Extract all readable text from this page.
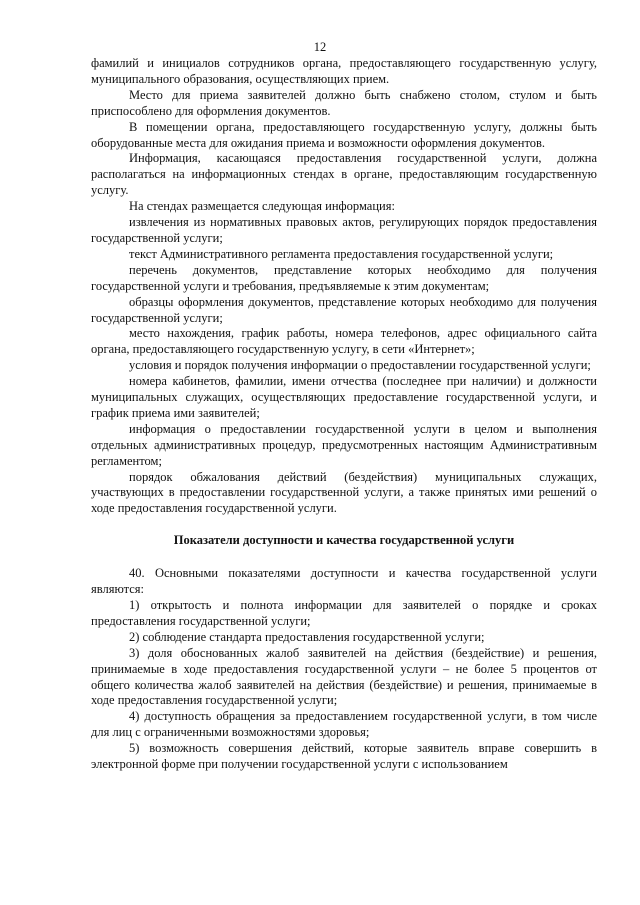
12

фамилий и инициалов сотрудников органа, предоставляющего государственную услугу, муниципального образования, осуществляющих прием.

Место для приема заявителей должно быть снабжено столом, стулом и быть приспособлено для оформления документов.

В помещении органа, предоставляющего государственную услугу, должны быть оборудованные места для ожидания приема и возможности оформления документов.

Информация, касающаяся предоставления государственной услуги, должна располагаться на информационных стендах в органе, предоставляющим государственную услугу.

На стендах размещается следующая информация:

извлечения из нормативных правовых актов, регулирующих порядок предоставления государственной услуги;

текст Административного регламента предоставления государственной услуги;

перечень документов, представление которых необходимо для получения государственной услуги и требования, предъявляемые к этим документам;

образцы оформления документов, представление которых необходимо для получения государственной услуги;

место нахождения, график работы, номера телефонов, адрес официального сайта органа, предоставляющего государственную услугу, в сети «Интернет»;

условия и порядок получения информации о предоставлении государственной услуги;

номера кабинетов, фамилии, имени отчества (последнее при наличии) и должности муниципальных служащих, осуществляющих предоставление государственной услуги, и график приема ими заявителей;

информация о предоставлении государственной услуги в целом и выполнения отдельных административных процедур, предусмотренных настоящим Административным регламентом;

порядок обжалования действий (бездействия) муниципальных служащих, участвующих в предоставлении государственной услуги, а также принятых ими решений о ходе предоставления государственной услуги.

Показатели доступности и качества государственной услуги

40. Основными показателями доступности и качества государственной услуги являются:

1) открытость и полнота информации для заявителей о порядке и сроках предоставления государственной услуги;

2) соблюдение стандарта предоставления государственной услуги;

3) доля обоснованных жалоб заявителей на действия (бездействие) и решения, принимаемые в ходе предоставления государственной услуги – не более 5 процентов от общего количества жалоб заявителей на действия (бездействие) и решения, принимаемые в ходе предоставления государственной услуги;

4) доступность обращения за предоставлением государственной услуги, в том числе для лиц с ограниченными возможностями здоровья;

5) возможность совершения действий, которые заявитель вправе совершить в электронной форме при получении государственной услуги с использованием
